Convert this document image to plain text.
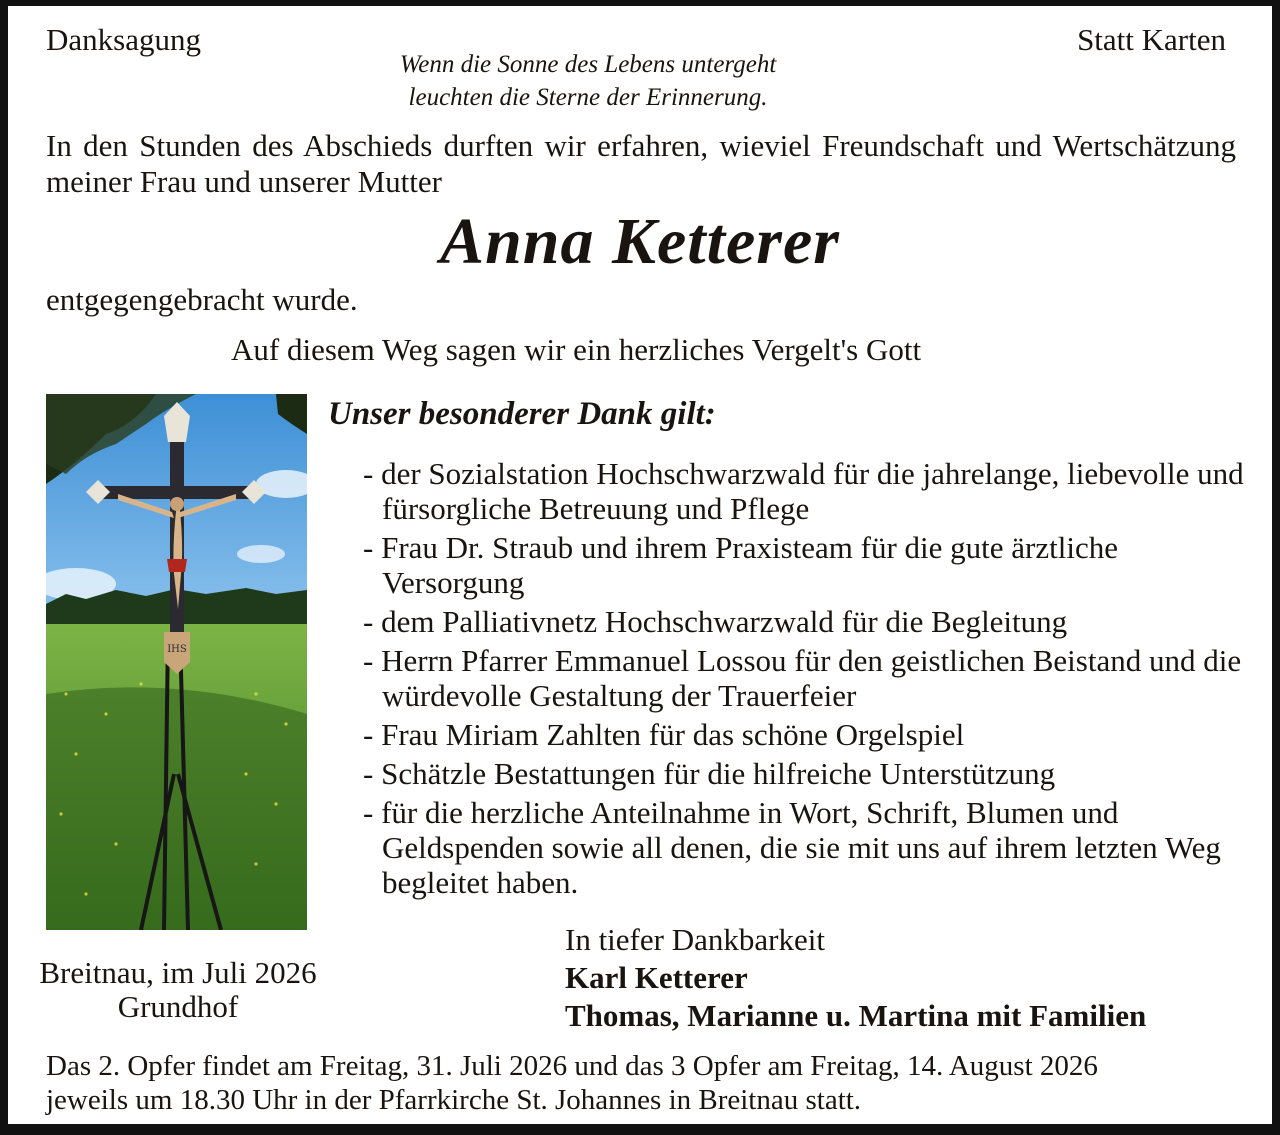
Danksagung	Statt Karten
Wenn die Sonne des Lebens untergeht
leuchten die Sterne der Erinnerung.
In den Stunden des Abschieds durften wir erfahren, wieviel Freundschaft und Wertschätzung meiner Frau und unserer Mutter
Anna Ketterer
entgegengebracht wurde.
Auf diesem Weg sagen wir ein herzliches Vergelt's Gott
IHS
Unser besonderer Dank gilt:
- der Sozialstation Hochschwarzwald für die jahrelange, liebevolle und fürsorgliche Betreuung und Pflege
- Frau Dr. Straub und ihrem Praxisteam für die gute ärztliche Versorgung
- dem Palliativnetz Hochschwarzwald für die Begleitung
- Herrn Pfarrer Emmanuel Lossou für den geistlichen Beistand und die würdevolle Gestaltung der Trauerfeier
- Frau Miriam Zahlten für das schöne Orgelspiel
- Schätzle Bestattungen für die hilfreiche Unterstützung
- für die herzliche Anteilnahme in Wort, Schrift, Blumen und Geldspenden sowie all denen, die sie mit uns auf ihrem letzten Weg begleitet haben.
Breitnau, im Juli 2026
Grundhof
In tiefer Dankbarkeit
Karl Ketterer
Thomas, Marianne u. Martina mit Familien
Das 2. Opfer findet am Freitag, 31. Juli 2026 und das 3 Opfer am Freitag, 14. August 2026
jeweils um 18.30 Uhr in der Pfarrkirche St. Johannes in Breitnau statt.
